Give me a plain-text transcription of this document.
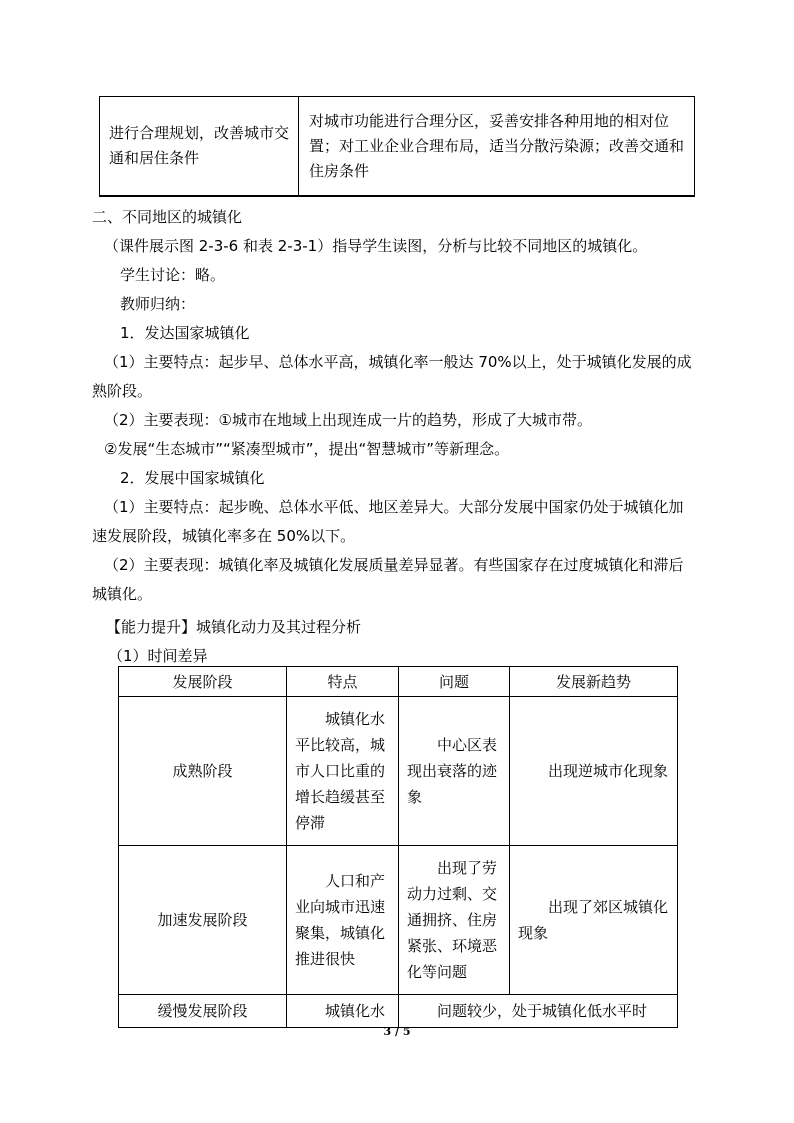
进行合理规划，改善城市交通和居住条件	对城市功能进行合理分区，妥善安排各种用地的相对位置；对工业企业合理布局，适当分散污染源；改善交通和住房条件
二、不同地区的城镇化
（课件展示图 2-3-6 和表 2-3-1）指导学生读图，分析与比较不同地区的城镇化。
学生讨论：略。
教师归纳：
1．发达国家城镇化
（1）主要特点：起步早、总体水平高，城镇化率一般达 70%以上，处于城镇化发展的成
熟阶段。
（2）主要表现：①城市在地域上出现连成一片的趋势，形成了大城市带。
②发展“生态城市”“紧凑型城市”，提出“智慧城市”等新理念。
2．发展中国家城镇化
（1）主要特点：起步晚、总体水平低、地区差异大。大部分发展中国家仍处于城镇化加
速发展阶段，城镇化率多在 50%以下。
（2）主要表现：城镇化率及城镇化发展质量差异显著。有些国家存在过度城镇化和滞后
城镇化。
【能力提升】城镇化动力及其过程分析
（1）时间差异
发展阶段	特点	问题	发展新趋势
成熟阶段	城镇化水平比较高，城市人口比重的增长趋缓甚至停滞	中心区表现出衰落的迹象	出现逆城市化现象

加速发展阶段	人口和产业向城市迅速聚集，城镇化推进很快	出现了劳动力过剩、交通拥挤、住房紧张、环境恶化等问题	出现了郊区城镇化现象

缓慢发展阶段	城镇化水	问题较少，处于城镇化低水平时	
3 / 5
